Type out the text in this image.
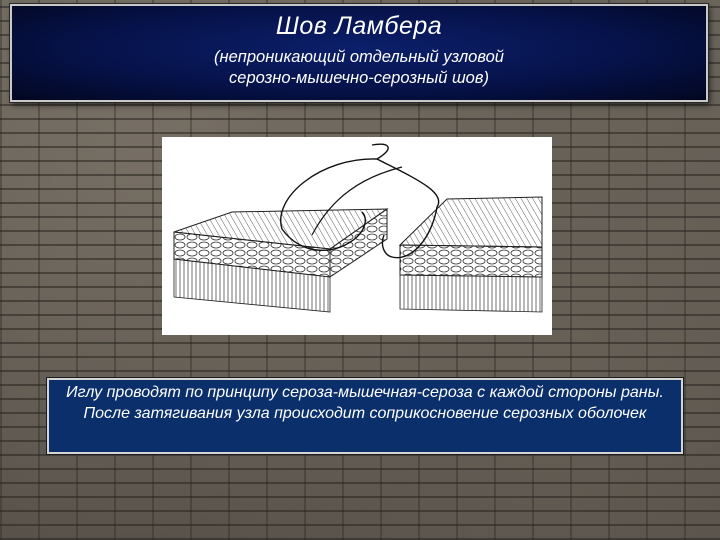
Шов Ламбера
(непроникающий отдельный узловой
серозно-мышечно-серозный шов)

Иглу проводят по принципу сероза-мышечная-сероза с каждой стороны раны. После затягивания узла происходит соприкосновение серозных оболочек
